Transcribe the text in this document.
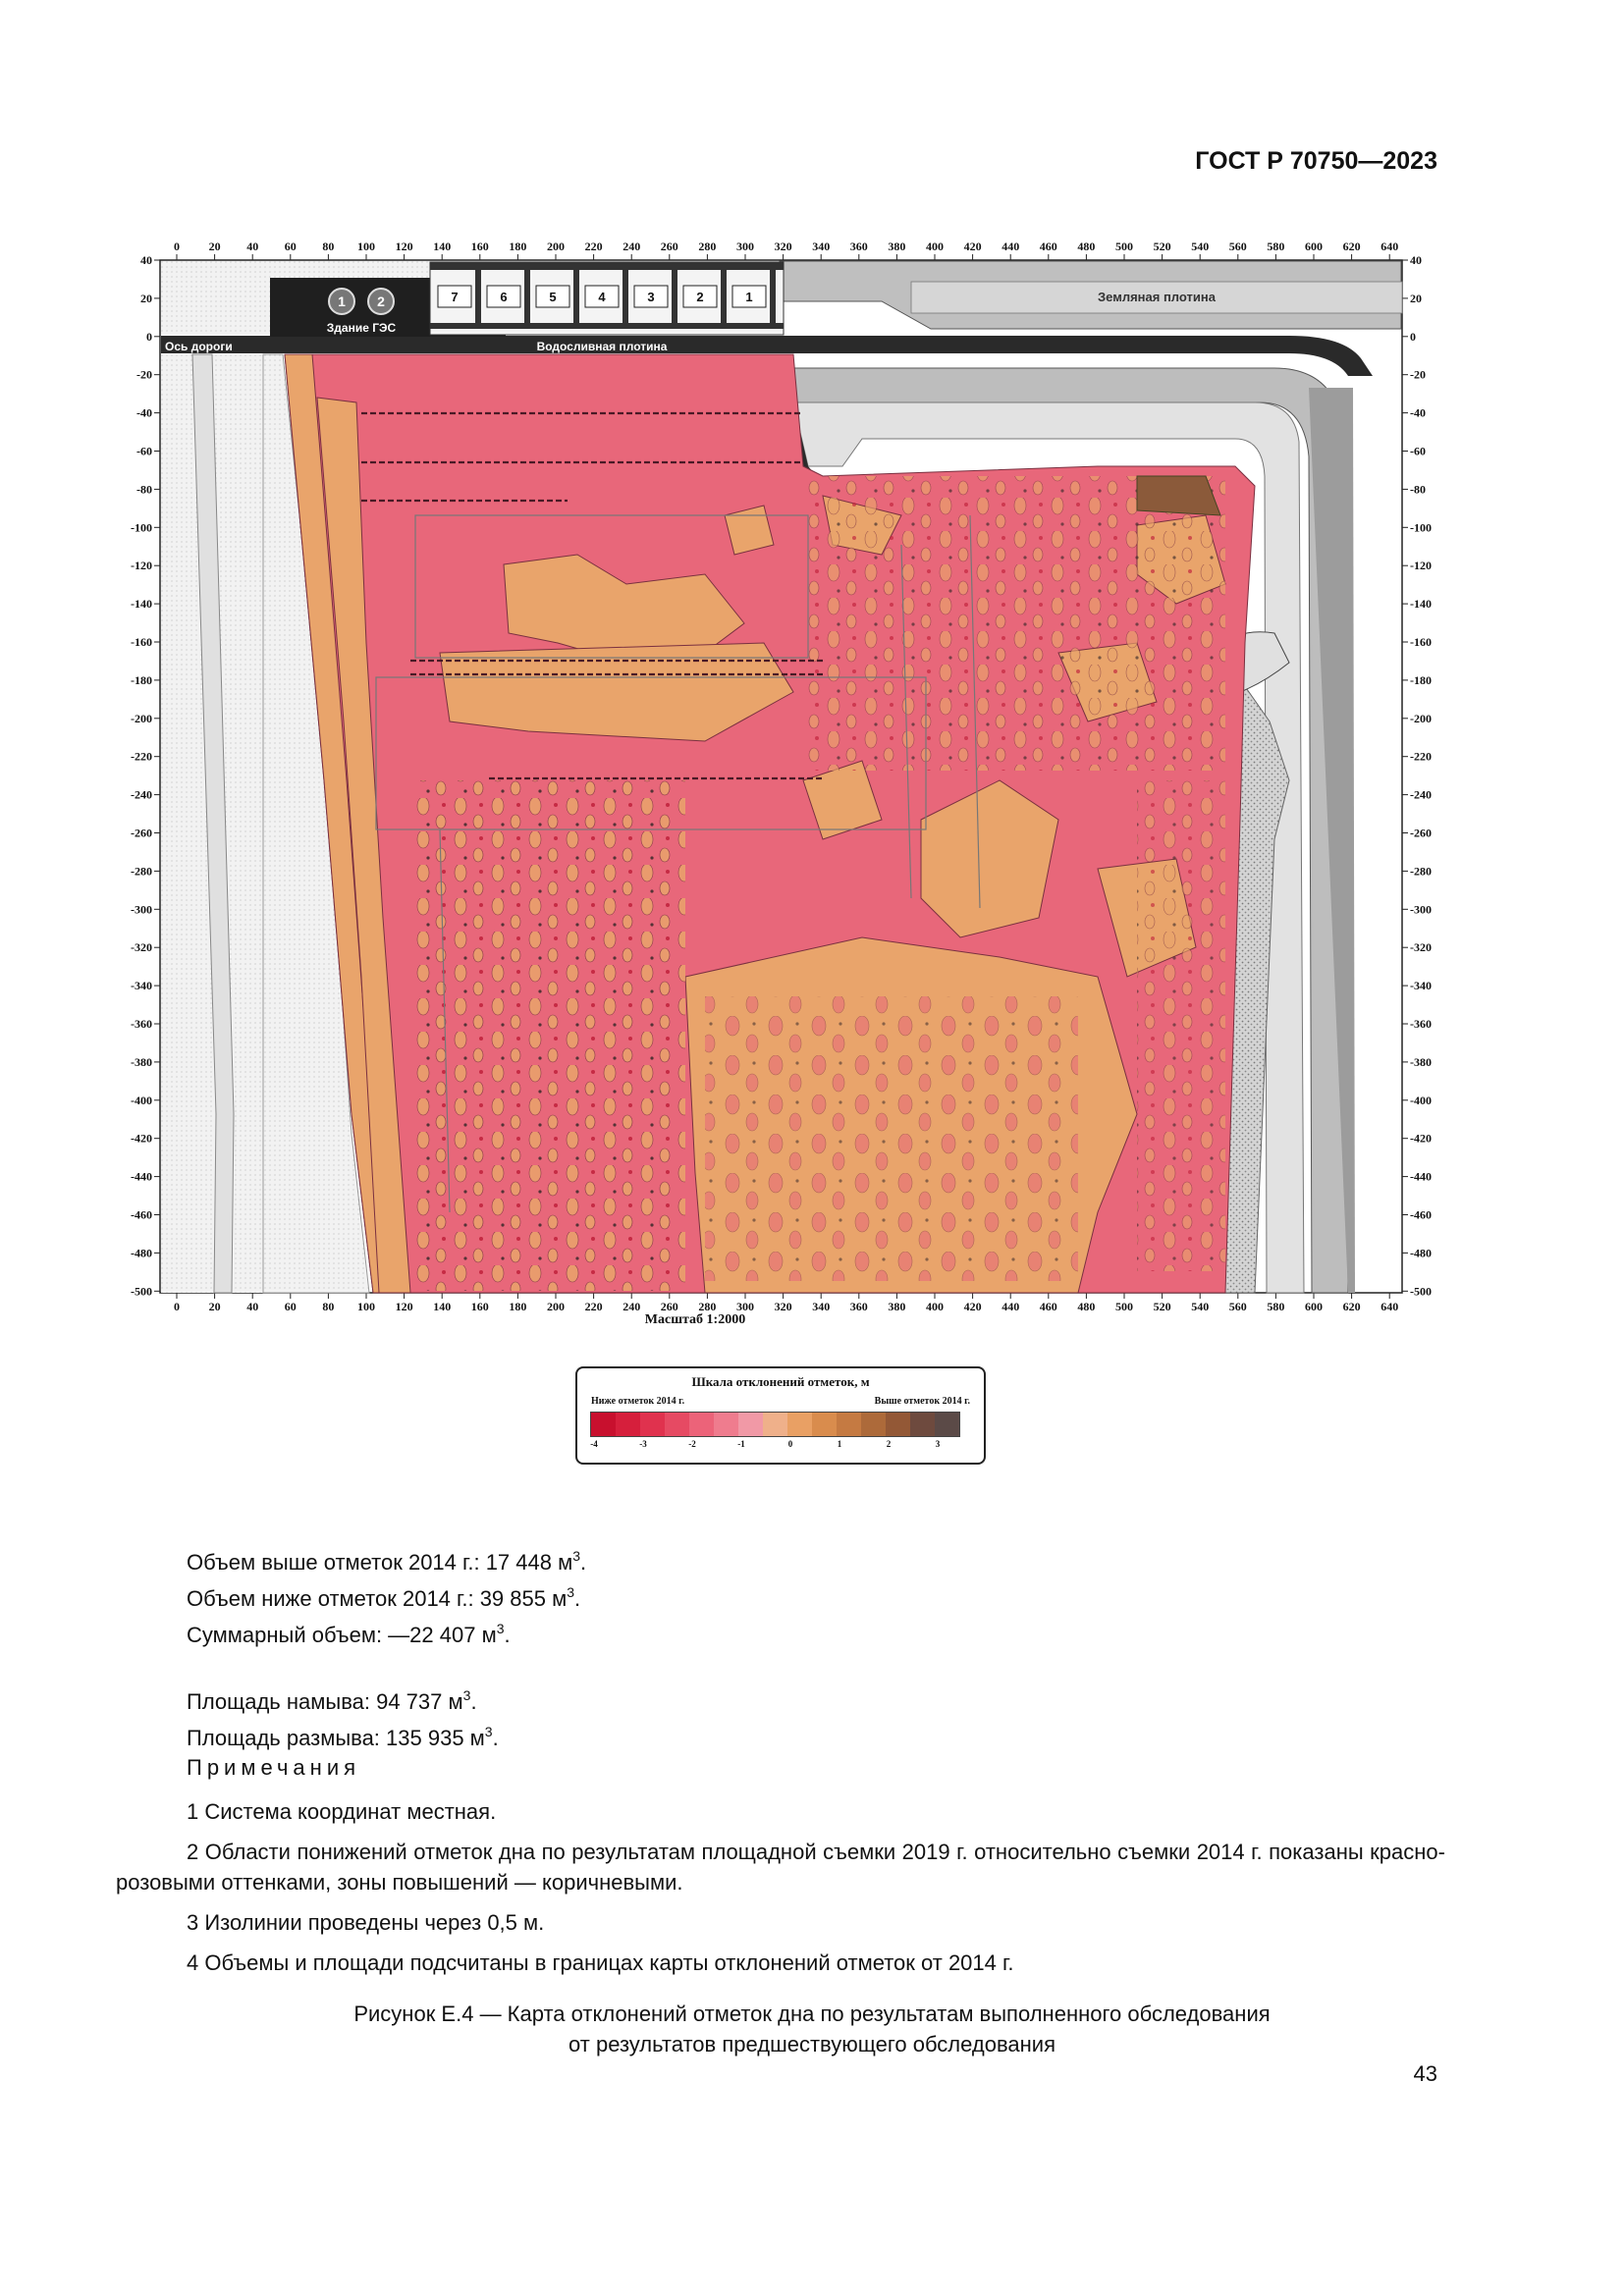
ГОСТ Р 70750—2023
0 20 40 60 80 100 120 140 160 180 200 220 240 260 280 300 320 340 360 380 400 420 440 460 480 500 520 540 560 580 600 620 640
0 20 40 60 80 100 120 140 160 180 200 220 240 260 280 300 320 340 360 380 400 420 440 460 480 500 520 540 560 580 600 620 640
40
20
0
-20
-40
-60
-80
-100
-120
-140
-160
-180
-200
-220
-240
-260
-280
-300
-320
-340
-360
-380
-400
-420
-440
-460
-480
-500
40
20
0
-20
-40
-60
-80
-100
-120
-140
-160
-180
-200
-220
-240
-260
-280
-300
-320
-340
-360
-380
-400
-420
-440
-460
-480
-500
Земляная плотина
Ось дороги	Водосливная плотина
1 2
Здание ГЭС
7	6	5	4	3	2	1
Масштаб 1:2000
Шкала отклонений отметок, м
Ниже отметок 2014 г.	Выше отметок 2014 г.
-4	-3	-2	-1	0	1	2	3
Объем выше отметок 2014 г.: 17 448 $м^3$.
Объем ниже отметок 2014 г.: 39 855 $м^3$.
Суммарный объем: —22 407 $м^3$.
Площадь намыва: 94 737 $м^3$.
Площадь размыва: 135 935 $м^3$.
Примечания

1 Система координат местная.

2 Области понижений отметок дна по результатам площадной съемки 2019 г. относительно съемки 2014 г. показаны красно-розовыми оттенками, зоны повышений — коричневыми.

3 Изолинии проведены через 0,5 м.

4 Объемы и площади подсчитаны в границах карты отклонений отметок от 2014 г.

Рисунок Е.4 — Карта отклонений отметок дна по результатам выполненного обследования
от результатов предшествующего обследования
43
